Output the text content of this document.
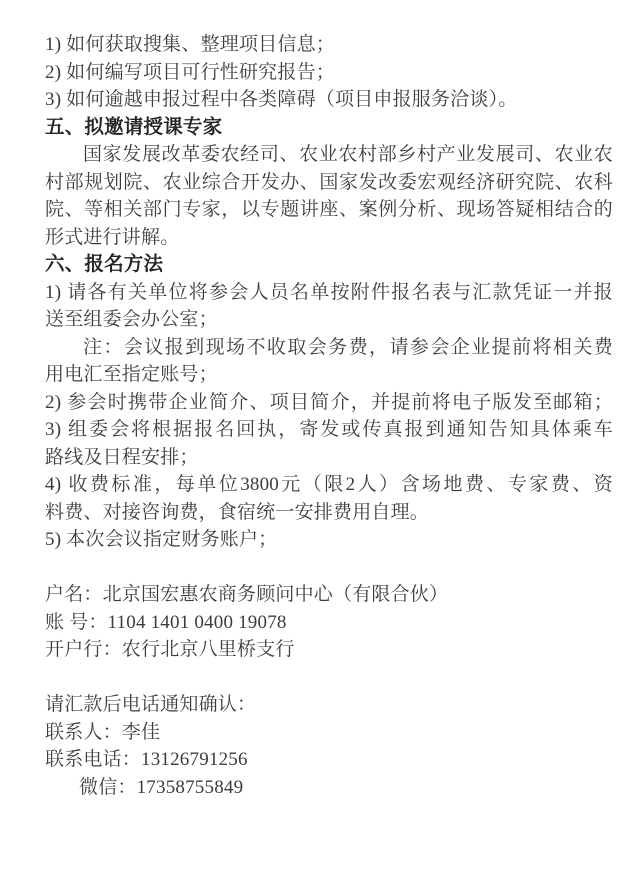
1) 如何获取搜集、整理项目信息；
2) 如何编写项目可行性研究报告；
3) 如何逾越申报过程中各类障碍（项目申报服务洽谈）。
五、拟邀请授课专家
国家发展改革委农经司、农业农村部乡村产业发展司、农业农
村部规划院、农业综合开发办、国家发改委宏观经济研究院、农科
院、等相关部门专家，以专题讲座、案例分析、现场答疑相结合的
形式进行讲解。
六、报名方法
1) 请各有关单位将参会人员名单按附件报名表与汇款凭证一并报
送至组委会办公室；
注：会议报到现场不收取会务费，请参会企业提前将相关费
用电汇至指定账号；
2) 参会时携带企业简介、项目简介，并提前将电子版发至邮箱；
3) 组委会将根据报名回执，寄发或传真报到通知告知具体乘车
路线及日程安排；
4) 收费标准，每单位3800元（限2人）含场地费、专家费、资
料费、对接咨询费，食宿统一安排费用自理。
5) 本次会议指定财务账户；
户名：北京国宏惠农商务顾问中心（有限合伙）
账 号：1104 1401 0400 19078
开户行：农行北京八里桥支行
请汇款后电话通知确认：
联系人：李佳
联系电话：13126791256
微信：17358755849
